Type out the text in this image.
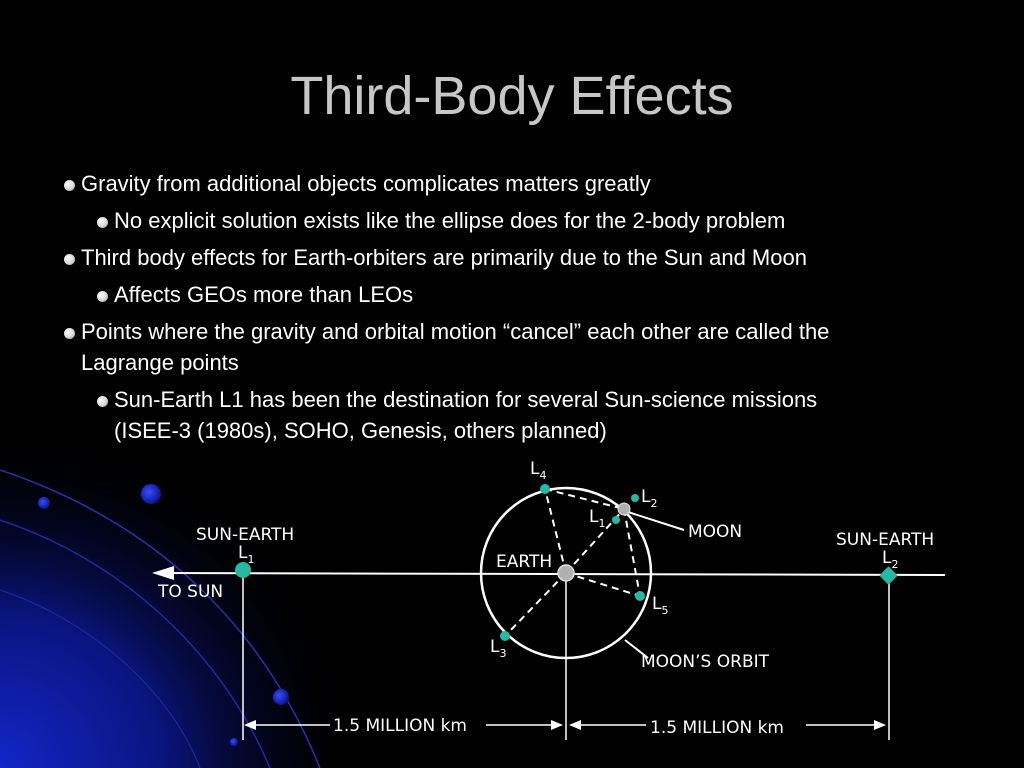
Third-Body Effects
Gravity from additional objects complicates matters greatly
No explicit solution exists like the ellipse does for the 2-body problem
Third body effects for Earth-orbiters are primarily due to the Sun and Moon
Affects GEOs more than LEOs
Points where the gravity and orbital motion “cancel” each other are called the
Lagrange points
Sun-Earth L1 has been the destination for several Sun-science missions
(ISEE-3 (1980s), SOHO, Genesis, others planned)
SUN-EARTH
$L_1$
TO SUN
SUN-EARTH
$L_2$
EARTH
MOON
MOON’S ORBIT
$L_4$
$L_2$
$L_1$
$L_5$
$L_3$
1.5 MILLION km	1.5 MILLION km
